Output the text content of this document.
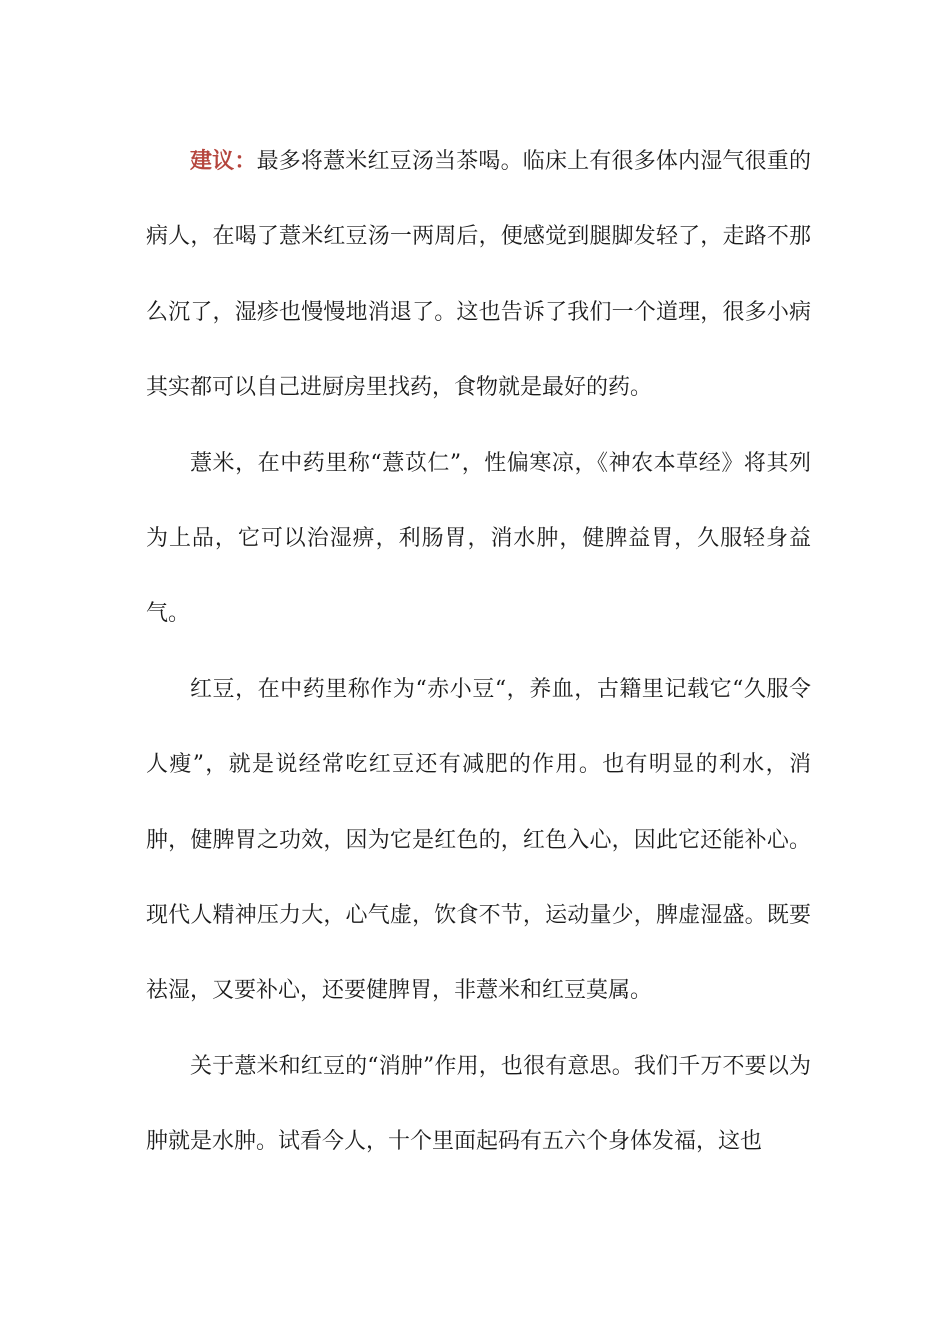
建议：最多将薏米红豆汤当茶喝。临床上有很多体内湿气很重的病人，在喝了薏米红豆汤一两周后，便感觉到腿脚发轻了，走路不那么沉了，湿疹也慢慢地消退了。这也告诉了我们一个道理，很多小病其实都可以自己进厨房里找药，食物就是最好的药。

薏米，在中药里称“薏苡仁”，性偏寒凉，《神农本草经》将其列为上品，它可以治湿痹，利肠胃，消水肿，健脾益胃，久服轻身益气。

红豆，在中药里称作为“赤小豆“，养血，古籍里记载它“久服令人瘦”，就是说经常吃红豆还有减肥的作用。也有明显的利水，消肿，健脾胃之功效，因为它是红色的，红色入心，因此它还能补心。现代人精神压力大，心气虚，饮食不节，运动量少，脾虚湿盛。既要祛湿，又要补心，还要健脾胃，非薏米和红豆莫属。

关于薏米和红豆的“消肿”作用，也很有意思。我们千万不要以为肿就是水肿。试看今人，十个里面起码有五六个身体发福，这也
